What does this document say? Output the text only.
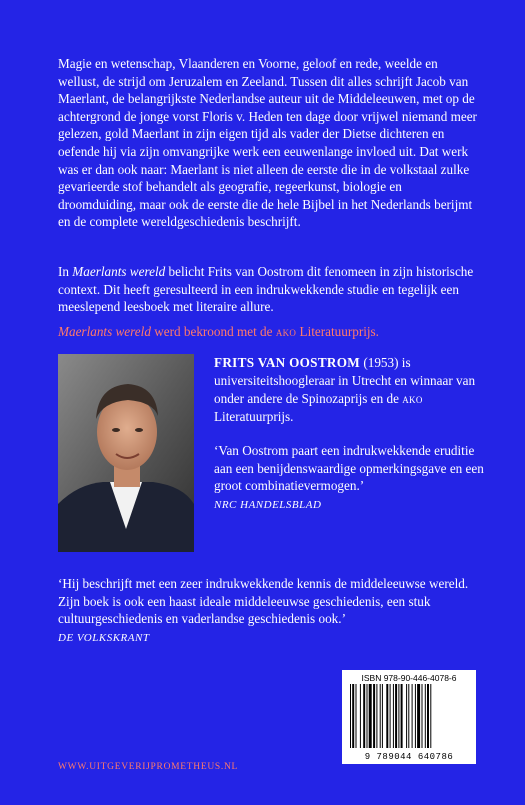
Magie en wetenschap, Vlaanderen en Voorne, geloof en rede, weelde en wellust, de strijd om Jeruzalem en Zeeland. Tussen dit alles schrijft Jacob van Maerlant, de belangrijkste Nederlandse auteur uit de Middeleeuwen, met op de achtergrond de jonge vorst Floris v. Heden ten dage door vrijwel niemand meer gelezen, gold Maerlant in zijn eigen tijd als vader der Dietse dichteren en oefende hij via zijn omvangrijke werk een eeuwenlange invloed uit. Dat werk was er dan ook naar: Maerlant is niet alleen de eerste die in de volkstaal zulke gevarieerde stof behandelt als geografie, regeerkunst, biologie en droomduiding, maar ook de eerste die de hele Bijbel in het Nederlands berijmt en de complete wereldgeschiedenis beschrijft.

In Maerlants wereld belicht Frits van Oostrom dit fenomeen in zijn historische context. Dit heeft geresulteerd in een indrukwekkende studie en tegelijk een meeslepend leesboek met literaire allure.

Maerlants wereld werd bekroond met de ako Literatuurprijs.

FRITS VAN OOSTROM (1953) is universiteitshoogleraar in Utrecht en winnaar van onder andere de Spinozaprijs en de ako Literatuurprijs.

‘Van Oostrom paart een indrukwekkende eruditie aan een benijdenswaardige opmerkingsgave en een groot combinatievermogen.’
NRC HANDELSBLAD

‘Hij beschrijft met een zeer indrukwekkende kennis de middeleeuwse wereld. Zijn boek is ook een haast ideale middeleeuwse geschiedenis, een stuk cultuurgeschiedenis en vaderlandse geschiedenis ook.’
DE VOLKSKRANT

ISBN 978-90-446-4078-6
9 789044 640786
WWW.UITGEVERIJPROMETHEUS.NL
